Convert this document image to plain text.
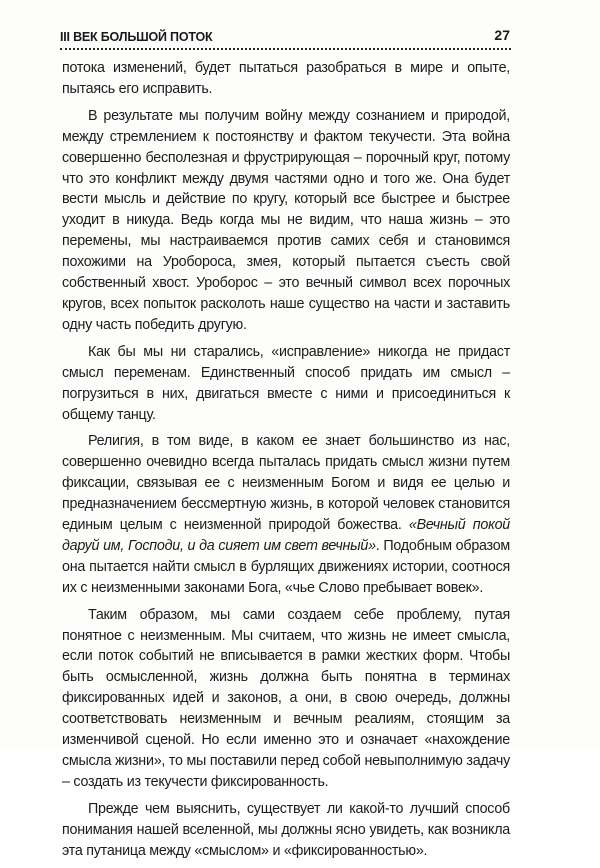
III ВЕК БОЛЬШОЙ ПОТОК	27

потока изменений, будет пытаться разобраться в мире и опыте, пытаясь его исправить.

В результате мы получим войну между сознанием и природой, между стремлением к постоянству и фактом текучести. Эта война совершенно бесполезная и фрустрирующая – порочный круг, потому что это конфликт между двумя частями одно и того же. Она будет вести мысль и действие по кругу, который все быстрее и быстрее уходит в никуда. Ведь когда мы не видим, что наша жизнь – это перемены, мы настраиваемся против самих себя и становимся похожими на Уробороса, змея, который пытается съесть свой собственный хвост. Уроборос – это вечный символ всех порочных кругов, всех попыток расколоть наше существо на части и заставить одну часть победить другую.

Как бы мы ни старались, «исправление» никогда не придаст смысл переменам. Единственный способ придать им смысл – погрузиться в них, двигаться вместе с ними и присоединиться к общему танцу.

Религия, в том виде, в каком ее знает большинство из нас, совершенно очевидно всегда пыталась придать смысл жизни путем фиксации, связывая ее с неизменным Богом и видя ее целью и предназначением бессмертную жизнь, в которой человек становится единым целым с неизменной природой божества. «Вечный покой даруй им, Господи, и да сияет им свет вечный». Подобным образом она пытается найти смысл в бурлящих движениях истории, соотнося их с неизменными законами Бога, «чье Слово пребывает вовек».

Таким образом, мы сами создаем себе проблему, путая понятное с неизменным. Мы считаем, что жизнь не имеет смысла, если поток событий не вписывается в рамки жестких форм. Чтобы быть осмысленной, жизнь должна быть понятна в терминах фиксированных идей и законов, а они, в свою очередь, должны соответствовать неизменным и вечным реалиям, стоящим за изменчивой сценой. Но если именно это и означает «нахождение смысла жизни», то мы поставили перед собой невыполнимую задачу – создать из текучести фиксированность.

Прежде чем выяснить, существует ли какой-то лучший способ понимания нашей вселенной, мы должны ясно увидеть, как возникла эта путаница между «смыслом» и «фиксированностью».
